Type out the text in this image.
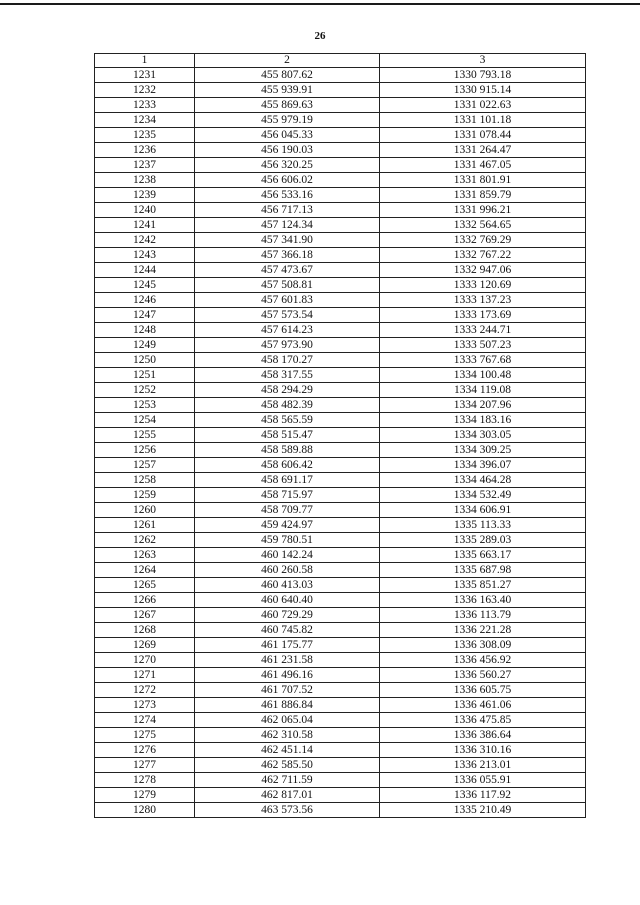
26
1	2	3
1231	455 807.62	1330 793.18
1232	455 939.91	1330 915.14
1233	455 869.63	1331 022.63
1234	455 979.19	1331 101.18
1235	456 045.33	1331 078.44
1236	456 190.03	1331 264.47
1237	456 320.25	1331 467.05
1238	456 606.02	1331 801.91
1239	456 533.16	1331 859.79
1240	456 717.13	1331 996.21
1241	457 124.34	1332 564.65
1242	457 341.90	1332 769.29
1243	457 366.18	1332 767.22
1244	457 473.67	1332 947.06
1245	457 508.81	1333 120.69
1246	457 601.83	1333 137.23
1247	457 573.54	1333 173.69
1248	457 614.23	1333 244.71
1249	457 973.90	1333 507.23
1250	458 170.27	1333 767.68
1251	458 317.55	1334 100.48
1252	458 294.29	1334 119.08
1253	458 482.39	1334 207.96
1254	458 565.59	1334 183.16
1255	458 515.47	1334 303.05
1256	458 589.88	1334 309.25
1257	458 606.42	1334 396.07
1258	458 691.17	1334 464.28
1259	458 715.97	1334 532.49
1260	458 709.77	1334 606.91
1261	459 424.97	1335 113.33
1262	459 780.51	1335 289.03
1263	460 142.24	1335 663.17
1264	460 260.58	1335 687.98
1265	460 413.03	1335 851.27
1266	460 640.40	1336 163.40
1267	460 729.29	1336 113.79
1268	460 745.82	1336 221.28
1269	461 175.77	1336 308.09
1270	461 231.58	1336 456.92
1271	461 496.16	1336 560.27
1272	461 707.52	1336 605.75
1273	461 886.84	1336 461.06
1274	462 065.04	1336 475.85
1275	462 310.58	1336 386.64
1276	462 451.14	1336 310.16
1277	462 585.50	1336 213.01
1278	462 711.59	1336 055.91
1279	462 817.01	1336 117.92
1280	463 573.56	1335 210.49
